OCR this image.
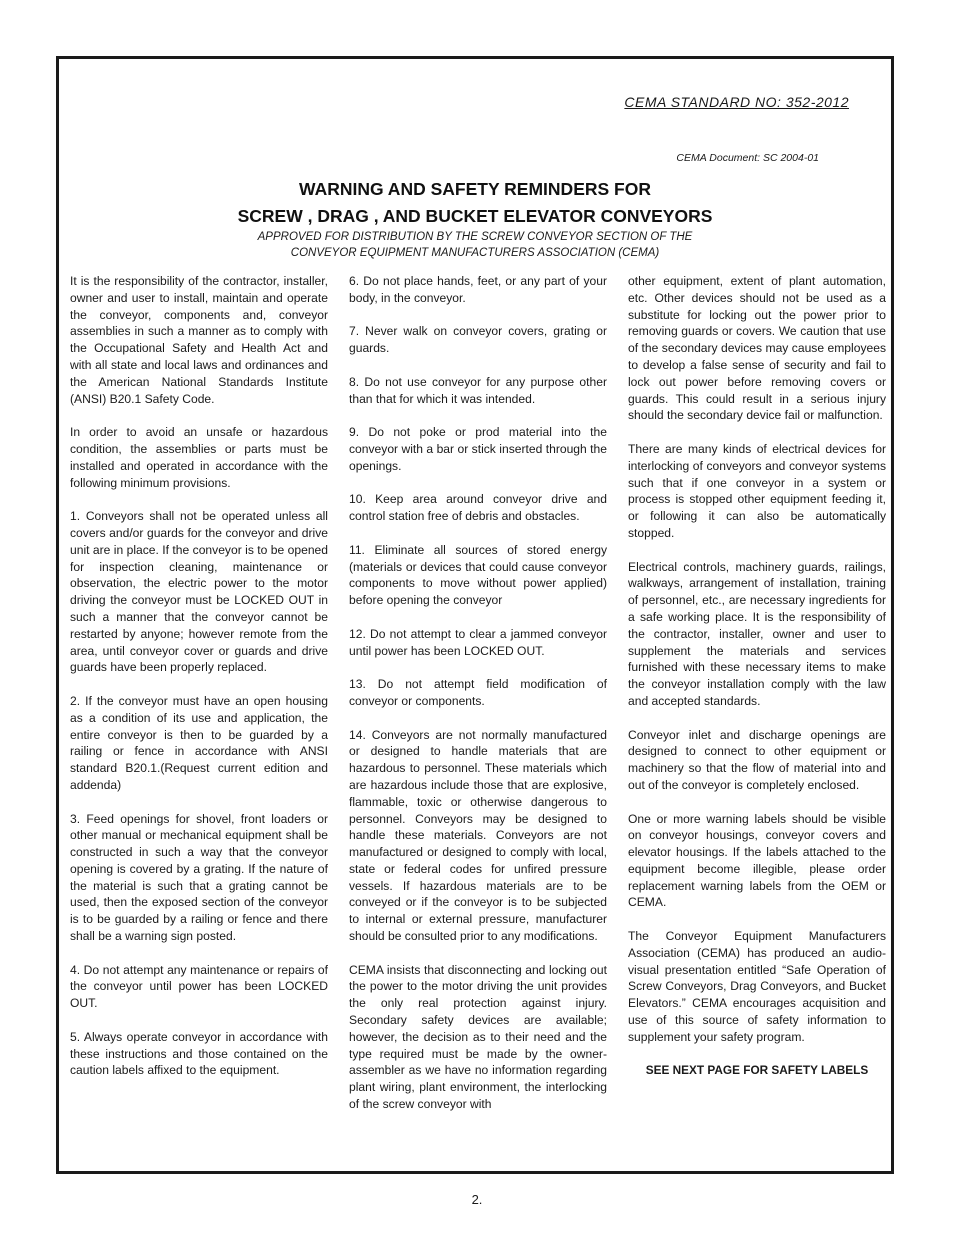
CEMA STANDARD NO: 352-2012
CEMA Document: SC 2004-01
WARNING AND SAFETY REMINDERS FOR
SCREW , DRAG , AND BUCKET ELEVATOR CONVEYORS
APPROVED FOR DISTRIBUTION BY THE SCREW CONVEYOR SECTION OF THE
CONVEYOR EQUIPMENT MANUFACTURERS ASSOCIATION (CEMA)

It is the responsibility of the contractor, installer, owner and user to install, maintain and operate the conveyor, components and, conveyor assemblies in such a manner as to comply with the Occupational Safety and Health Act and with all state and local laws and ordinances and the American National Standards Institute (ANSI) B20.1 Safety Code.

In order to avoid an unsafe or hazardous condition, the assemblies or parts must be installed and operated in accordance with the following minimum provisions.

1. Conveyors shall not be operated unless all covers and/or guards for the conveyor and drive unit are in place. If the conveyor is to be opened for inspection cleaning, maintenance or observation, the electric power to the motor driving the conveyor must be LOCKED OUT in such a manner that the conveyor cannot be restarted by anyone; however remote from the area, until conveyor cover or guards and drive guards have been properly replaced.

2. If the conveyor must have an open housing as a condition of its use and application, the entire conveyor is then to be guarded by a railing or fence in accordance with ANSI standard B20.1.(Request current edition and addenda)

3. Feed openings for shovel, front loaders or other manual or mechanical equipment shall be constructed in such a way that the conveyor opening is covered by a grating. If the nature of the material is such that a grating cannot be used, then the exposed section of the conveyor is to be guarded by a railing or fence and there shall be a warning sign posted.

4. Do not attempt any maintenance or repairs of the conveyor until power has been LOCKED OUT.

5. Always operate conveyor in accordance with these instructions and those contained on the caution labels affixed to the equipment.

6. Do not place hands, feet, or any part of your body, in the conveyor.

7. Never walk on conveyor covers, grating or guards.

8. Do not use conveyor for any purpose other than that for which it was intended.

9. Do not poke or prod material into the conveyor with a bar or stick inserted through the openings.

10. Keep area around conveyor drive and control station free of debris and obstacles.

11. Eliminate all sources of stored energy (materials or devices that could cause conveyor components to move without power applied) before opening the conveyor

12. Do not attempt to clear a jammed conveyor until power has been LOCKED OUT.

13. Do not attempt field modification of conveyor or components.

14. Conveyors are not normally manufactured or designed to handle materials that are hazardous to personnel. These materials which are hazardous include those that are explosive, flammable, toxic or otherwise dangerous to personnel. Conveyors may be designed to handle these materials. Conveyors are not manufactured or designed to comply with local, state or federal codes for unfired pressure vessels. If hazardous materials are to be conveyed or if the conveyor is to be subjected to internal or external pressure, manufacturer should be consulted prior to any modifications.

CEMA insists that disconnecting and locking out the power to the motor driving the unit provides the only real protection against injury. Secondary safety devices are available; however, the decision as to their need and the type required must be made by the owner-assembler as we have no information regarding plant wiring, plant environment, the interlocking of the screw conveyor with

other equipment, extent of plant automation, etc. Other devices should not be used as a substitute for locking out the power prior to removing guards or covers. We caution that use of the secondary devices may cause employees to develop a false sense of security and fail to lock out power before removing covers or guards. This could result in a serious injury should the secondary device fail or malfunction.

There are many kinds of electrical devices for interlocking of conveyors and conveyor systems such that if one conveyor in a system or process is stopped other equipment feeding it, or following it can also be automatically stopped.

Electrical controls, machinery guards, railings, walkways, arrangement of installation, training of personnel, etc., are necessary ingredients for a safe working place. It is the responsibility of the contractor, installer, owner and user to supplement the materials and services furnished with these necessary items to make the conveyor installation comply with the law and accepted standards.

Conveyor inlet and discharge openings are designed to connect to other equipment or machinery so that the flow of material into and out of the conveyor is completely enclosed.

One or more warning labels should be visible on conveyor housings, conveyor covers and elevator housings. If the labels attached to the equipment become illegible, please order replacement warning labels from the OEM or CEMA.

The Conveyor Equipment Manufacturers Association (CEMA) has produced an audio-visual presentation entitled “Safe Operation of Screw Conveyors, Drag Conveyors, and Bucket Elevators.” CEMA encourages acquisition and use of this source of safety information to supplement your safety program.

SEE NEXT PAGE FOR SAFETY LABELS

2.
